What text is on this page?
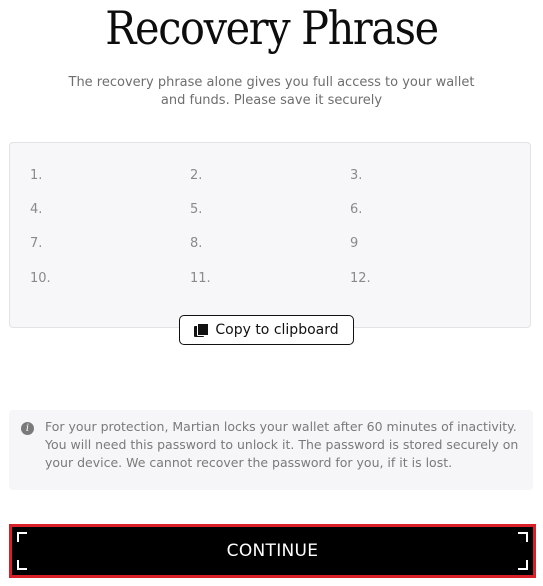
Recovery Phrase
The recovery phrase alone gives you full access to your wallet and funds. Please save it securely
1.	2.	3.
4.	5.	6.
7.	8.	9
10.	11.	12.
Copy to clipboard
i	For your protection, Martian locks your wallet after 60 minutes of inactivity. You will need this password to unlock it. The password is stored securely on your device. We cannot recover the password for you, if it is lost.
CONTINUE
